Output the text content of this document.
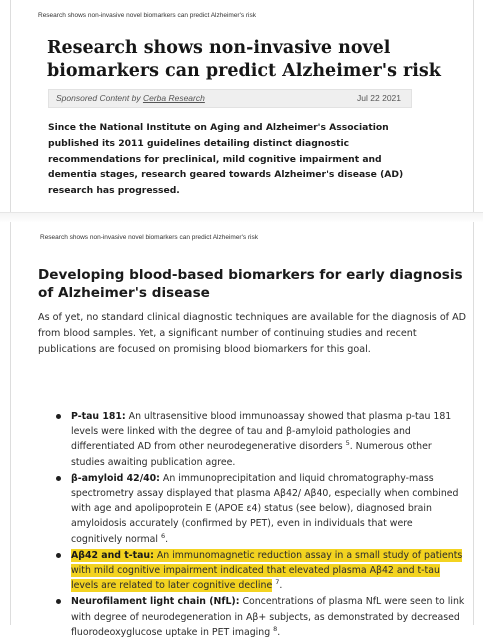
Research shows non-invasive novel biomarkers can predict Alzheimer's risk
Research shows non-invasive novel biomarkers can predict Alzheimer's risk
Sponsored Content by Cerba Research	Jul 22 2021

Since the National Institute on Aging and Alzheimer's Association published its 2011 guidelines detailing distinct diagnostic recommendations for preclinical, mild cognitive impairment and dementia stages, research geared towards Alzheimer's disease (AD) research has progressed.

Research shows non-invasive novel biomarkers can predict Alzheimer's risk
Developing blood-based biomarkers for early diagnosis of Alzheimer's disease

As of yet, no standard clinical diagnostic techniques are available for the diagnosis of AD from blood samples. Yet, a significant number of continuing studies and recent publications are focused on promising blood biomarkers for this goal.

P-tau 181: An ultrasensitive blood immunoassay showed that plasma p-tau 181 levels were linked with the degree of tau and β-amyloid pathologies and differentiated AD from other neurodegenerative disorders $^5$. Numerous other studies awaiting publication agree.
β-amyloid 42/40: An immunoprecipitation and liquid chromatography-mass spectrometry assay displayed that plasma Aβ42/ Aβ40, especially when combined with age and apolipoprotein E (APOE ε4) status (see below), diagnosed brain amyloidosis accurately (confirmed by PET), even in individuals that were cognitively normal $^6$.
Aβ42 and t-tau: An immunomagnetic reduction assay in a small study of patients with mild cognitive impairment indicated that elevated plasma Aβ42 and t-tau levels are related to later cognitive decline $^7$.
Neurofilament light chain (NfL): Concentrations of plasma NfL were seen to link with degree of neurodegeneration in Aβ+ subjects, as demonstrated by decreased fluorodeoxyglucose uptake in PET imaging $^8$.
